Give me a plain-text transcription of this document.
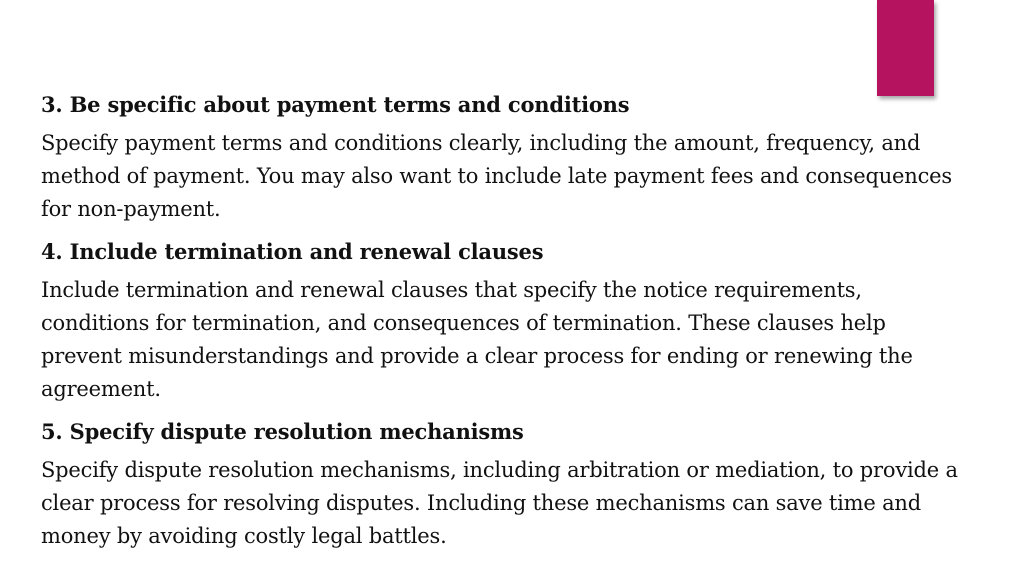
3. Be specific about payment terms and conditions

Specify payment terms and conditions clearly, including the amount, frequency, and method of payment. You may also want to include late payment fees and consequences for non-payment.

4. Include termination and renewal clauses

Include termination and renewal clauses that specify the notice requirements, conditions for termination, and consequences of termination. These clauses help prevent misunderstandings and provide a clear process for ending or renewing the agreement.

5. Specify dispute resolution mechanisms

Specify dispute resolution mechanisms, including arbitration or mediation, to provide a clear process for resolving disputes. Including these mechanisms can save time and money by avoiding costly legal battles.
